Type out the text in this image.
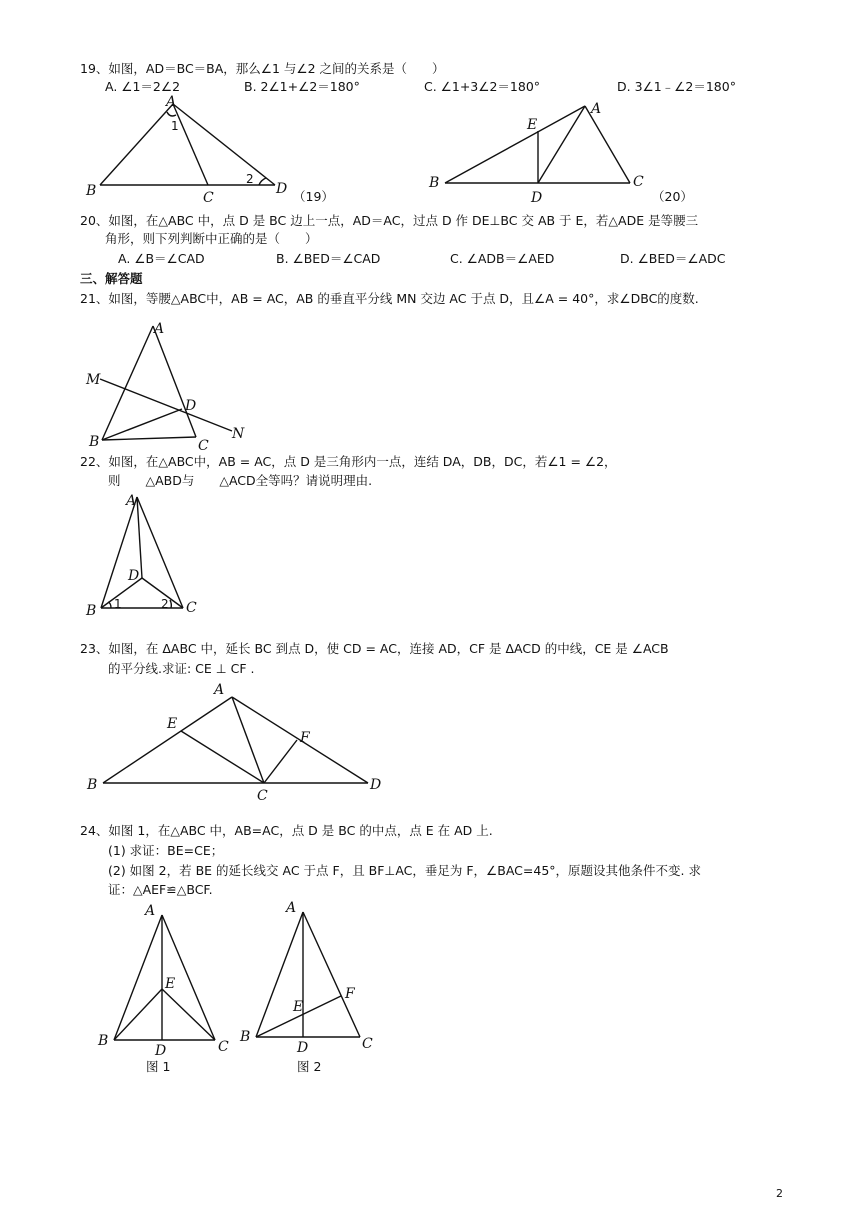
19、如图，AD＝BC＝BA，那么∠1 与∠2 之间的关系是（　　）
A. ∠1＝2∠2	B. 2∠1+∠2＝180°	C. ∠1+3∠2＝180°	D. 3∠1﹣∠2＝180°
A
B	C
D
1
2
（19）
A
B	C
D
E
（20）
20、如图，在△ABC 中，点 D 是 BC 边上一点，AD＝AC，过点 D 作 DE⊥BC 交 AB 于 E，若△ADE 是等腰三
角形，则下列判断中正确的是（　　）
A. ∠B＝∠CAD	B. ∠BED＝∠CAD	C. ∠ADB＝∠AED	D. ∠BED＝∠ADC
三、解答题
21、如图，等腰△ABC中，AB = AC，AB 的垂直平分线 MN 交边 AC 于点 D，且∠A = 40°，求∠DBC的度数.
A
B	C
D
M
N
22、如图，在△ABC中，AB = AC，点 D 是三角形内一点，连结 DA，DB，DC，若∠1 = ∠2，
则　　△ABD与　　△ACD全等吗？请说明理由.
A
B	C
D
1	2
23、如图，在 ΔABC 中，延长 BC 到点 D，使 CD = AC，连接 AD，CF 是 ΔACD 的中线，CE 是 ∠ACB
的平分线.求证: CE ⊥ CF .
A
B
C
D
E
F
24、如图 1，在△ABC 中，AB=AC，点 D 是 BC 的中点，点 E 在 AD 上.
(1) 求证：BE=CE；
(2) 如图 2，若 BE 的延长线交 AC 于点 F，且 BF⊥AC，垂足为 F，∠BAC=45°，原题设其他条件不变. 求
证：△AEF≌△BCF.
A
B	C
D
E
图 1
A
B	C
D
E
F
图 2
2
